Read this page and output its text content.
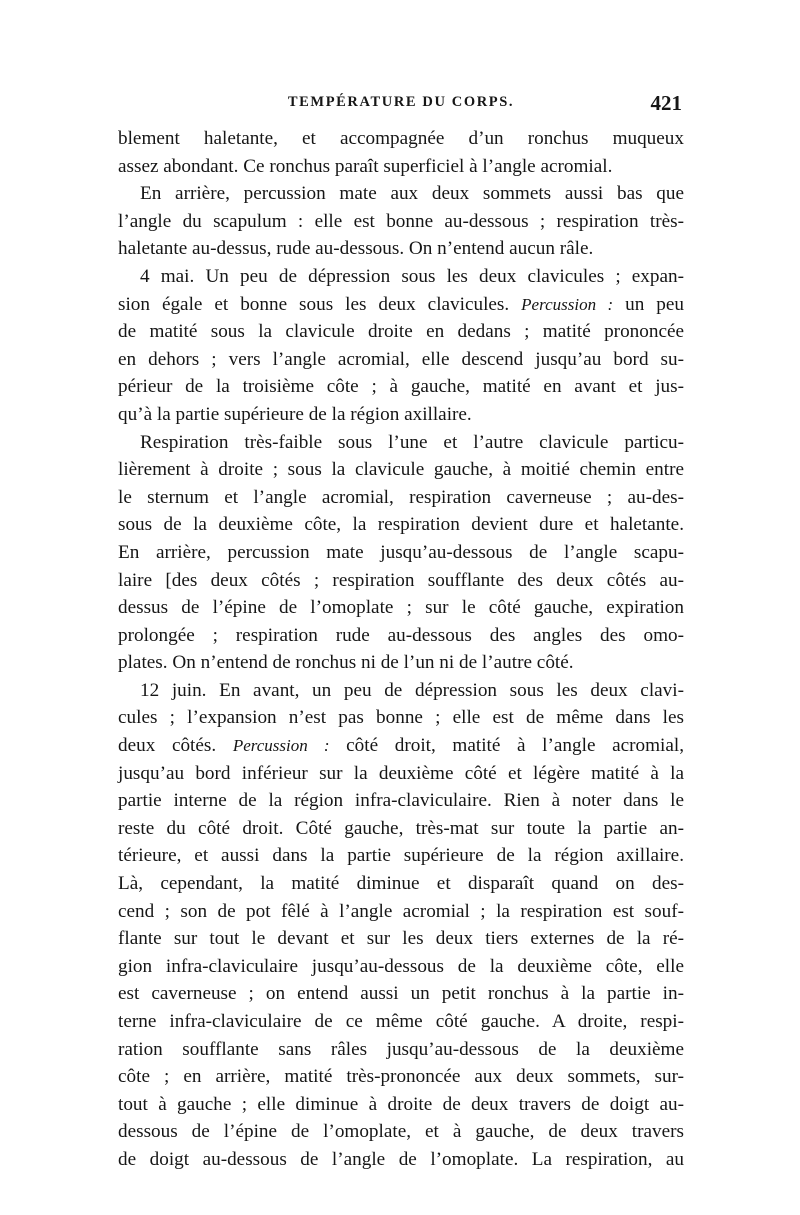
TEMPÉRATURE DU CORPS.	421
blement haletante, et accompagnée d’un ronchus muqueux
assez abondant. Ce ronchus paraît superficiel à l’angle acromial.
En arrière, percussion mate aux deux sommets aussi bas que
l’angle du scapulum : elle est bonne au-dessous ; respiration très-
haletante au-dessus, rude au-dessous. On n’entend aucun râle.
4 mai. Un peu de dépression sous les deux clavicules ; expan-
sion égale et bonne sous les deux clavicules. Percussion : un peu
de matité sous la clavicule droite en dedans ; matité prononcée
en dehors ; vers l’angle acromial, elle descend jusqu’au bord su-
périeur de la troisième côte ; à gauche, matité en avant et jus-
qu’à la partie supérieure de la région axillaire.
Respiration très-faible sous l’une et l’autre clavicule particu-
lièrement à droite ; sous la clavicule gauche, à moitié chemin entre
le sternum et l’angle acromial, respiration caverneuse ; au-des-
sous de la deuxième côte, la respiration devient dure et haletante.
En arrière, percussion mate jusqu’au-dessous de l’angle scapu-
laire [des deux côtés ; respiration soufflante des deux côtés au-
dessus de l’épine de l’omoplate ; sur le côté gauche, expiration
prolongée ; respiration rude au-dessous des angles des omo-
plates. On n’entend de ronchus ni de l’un ni de l’autre côté.
12 juin. En avant, un peu de dépression sous les deux clavi-
cules ; l’expansion n’est pas bonne ; elle est de même dans les
deux côtés. Percussion : côté droit, matité à l’angle acromial,
jusqu’au bord inférieur sur la deuxième côté et légère matité à la
partie interne de la région infra-claviculaire. Rien à noter dans le
reste du côté droit. Côté gauche, très-mat sur toute la partie an-
térieure, et aussi dans la partie supérieure de la région axillaire.
Là, cependant, la matité diminue et disparaît quand on des-
cend ; son de pot fêlé à l’angle acromial ; la respiration est souf-
flante sur tout le devant et sur les deux tiers externes de la ré-
gion infra-claviculaire jusqu’au-dessous de la deuxième côte, elle
est caverneuse ; on entend aussi un petit ronchus à la partie in-
terne infra-claviculaire de ce même côté gauche. A droite, respi-
ration soufflante sans râles jusqu’au-dessous de la deuxième
côte ; en arrière, matité très-prononcée aux deux sommets, sur-
tout à gauche ; elle diminue à droite de deux travers de doigt au-
dessous de l’épine de l’omoplate, et à gauche, de deux travers
de doigt au-dessous de l’angle de l’omoplate. La respiration, au
